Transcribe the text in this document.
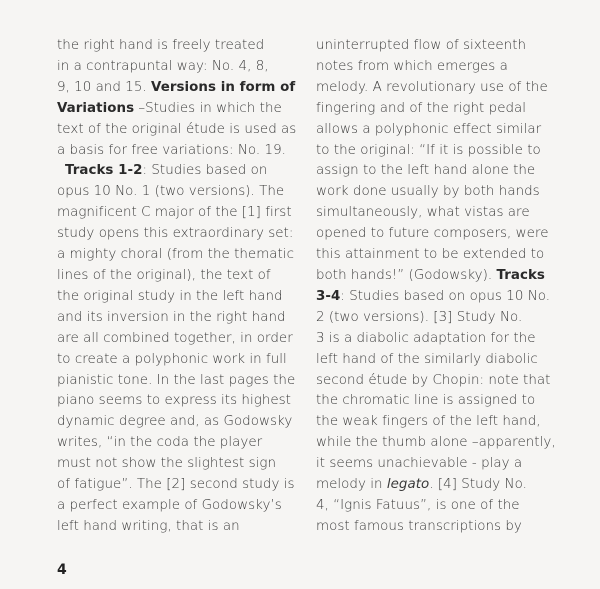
the right hand is freely treated
in a contrapuntal way: No. 4, 8,
9, 10 and 15. Versions in form of
Variations –Studies in which the
text of the original étude is used as
a basis for free variations: No. 19.
Tracks 1-2: Studies based on
opus 10 No. 1 (two versions). The
magnificent C major of the [1] first
study opens this extraordinary set:
a mighty choral (from the thematic
lines of the original), the text of
the original study in the left hand
and its inversion in the right hand
are all combined together, in order
to create a polyphonic work in full
pianistic tone. In the last pages the
piano seems to express its highest
dynamic degree and, as Godowsky
writes, “in the coda the player
must not show the slightest sign
of fatigue”. The [2] second study is
a perfect example of Godowsky’s
left hand writing, that is an
uninterrupted flow of sixteenth
notes from which emerges a
melody. A revolutionary use of the
fingering and of the right pedal
allows a polyphonic effect similar
to the original: “If it is possible to
assign to the left hand alone the
work done usually by both hands
simultaneously, what vistas are
opened to future composers, were
this attainment to be extended to
both hands!” (Godowsky). Tracks
3-4: Studies based on opus 10 No.
2 (two versions). [3] Study No.
3 is a diabolic adaptation for the
left hand of the similarly diabolic
second étude by Chopin: note that
the chromatic line is assigned to
the weak fingers of the left hand,
while the thumb alone –apparently,
it seems unachievable - play a
melody in legato. [4] Study No.
4, “Ignis Fatuus”, is one of the
most famous transcriptions by
4
